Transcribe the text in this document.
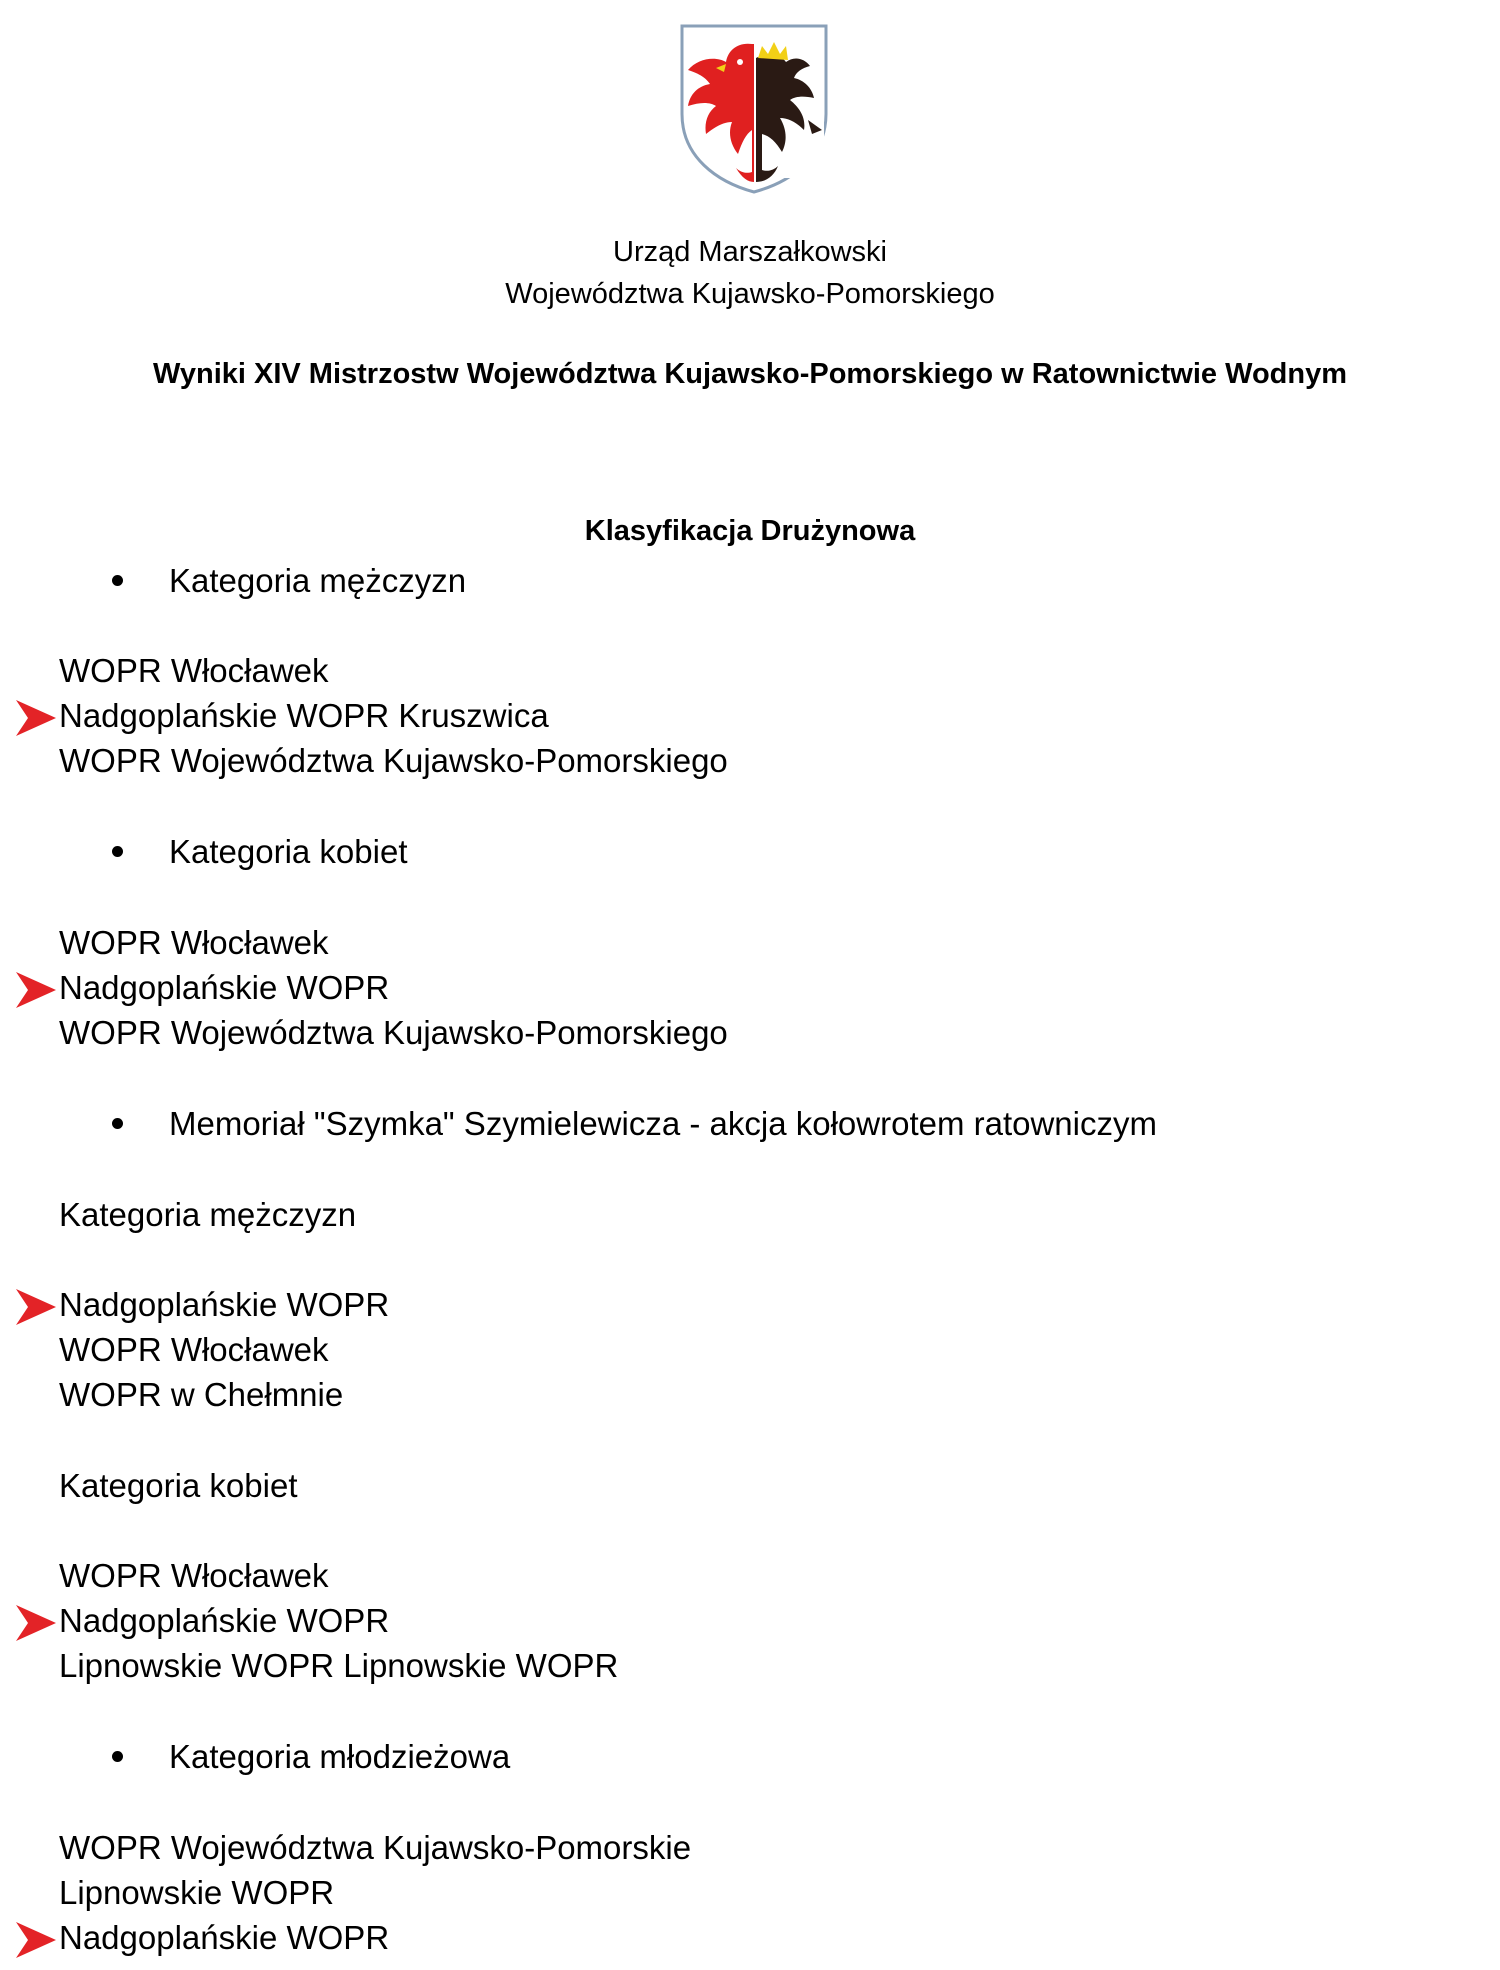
Urząd Marszałkowski
Województwa Kujawsko-Pomorskiego
Wyniki XIV Mistrzostw Województwa Kujawsko-Pomorskiego w Ratownictwie Wodnym
Klasyfikacja Drużynowa
Kategoria mężczyzn
WOPR Włocławek
Nadgoplańskie WOPR Kruszwica
WOPR Województwa Kujawsko-Pomorskiego
Kategoria kobiet
WOPR Włocławek
Nadgoplańskie WOPR
WOPR Województwa Kujawsko-Pomorskiego
Memoriał "Szymka" Szymielewicza - akcja kołowrotem ratowniczym
Kategoria mężczyzn
Nadgoplańskie WOPR
WOPR Włocławek
WOPR w Chełmnie
Kategoria kobiet
WOPR Włocławek
Nadgoplańskie WOPR
Lipnowskie WOPR Lipnowskie WOPR
Kategoria młodzieżowa
WOPR Województwa Kujawsko-Pomorskie
Lipnowskie WOPR
Nadgoplańskie WOPR
